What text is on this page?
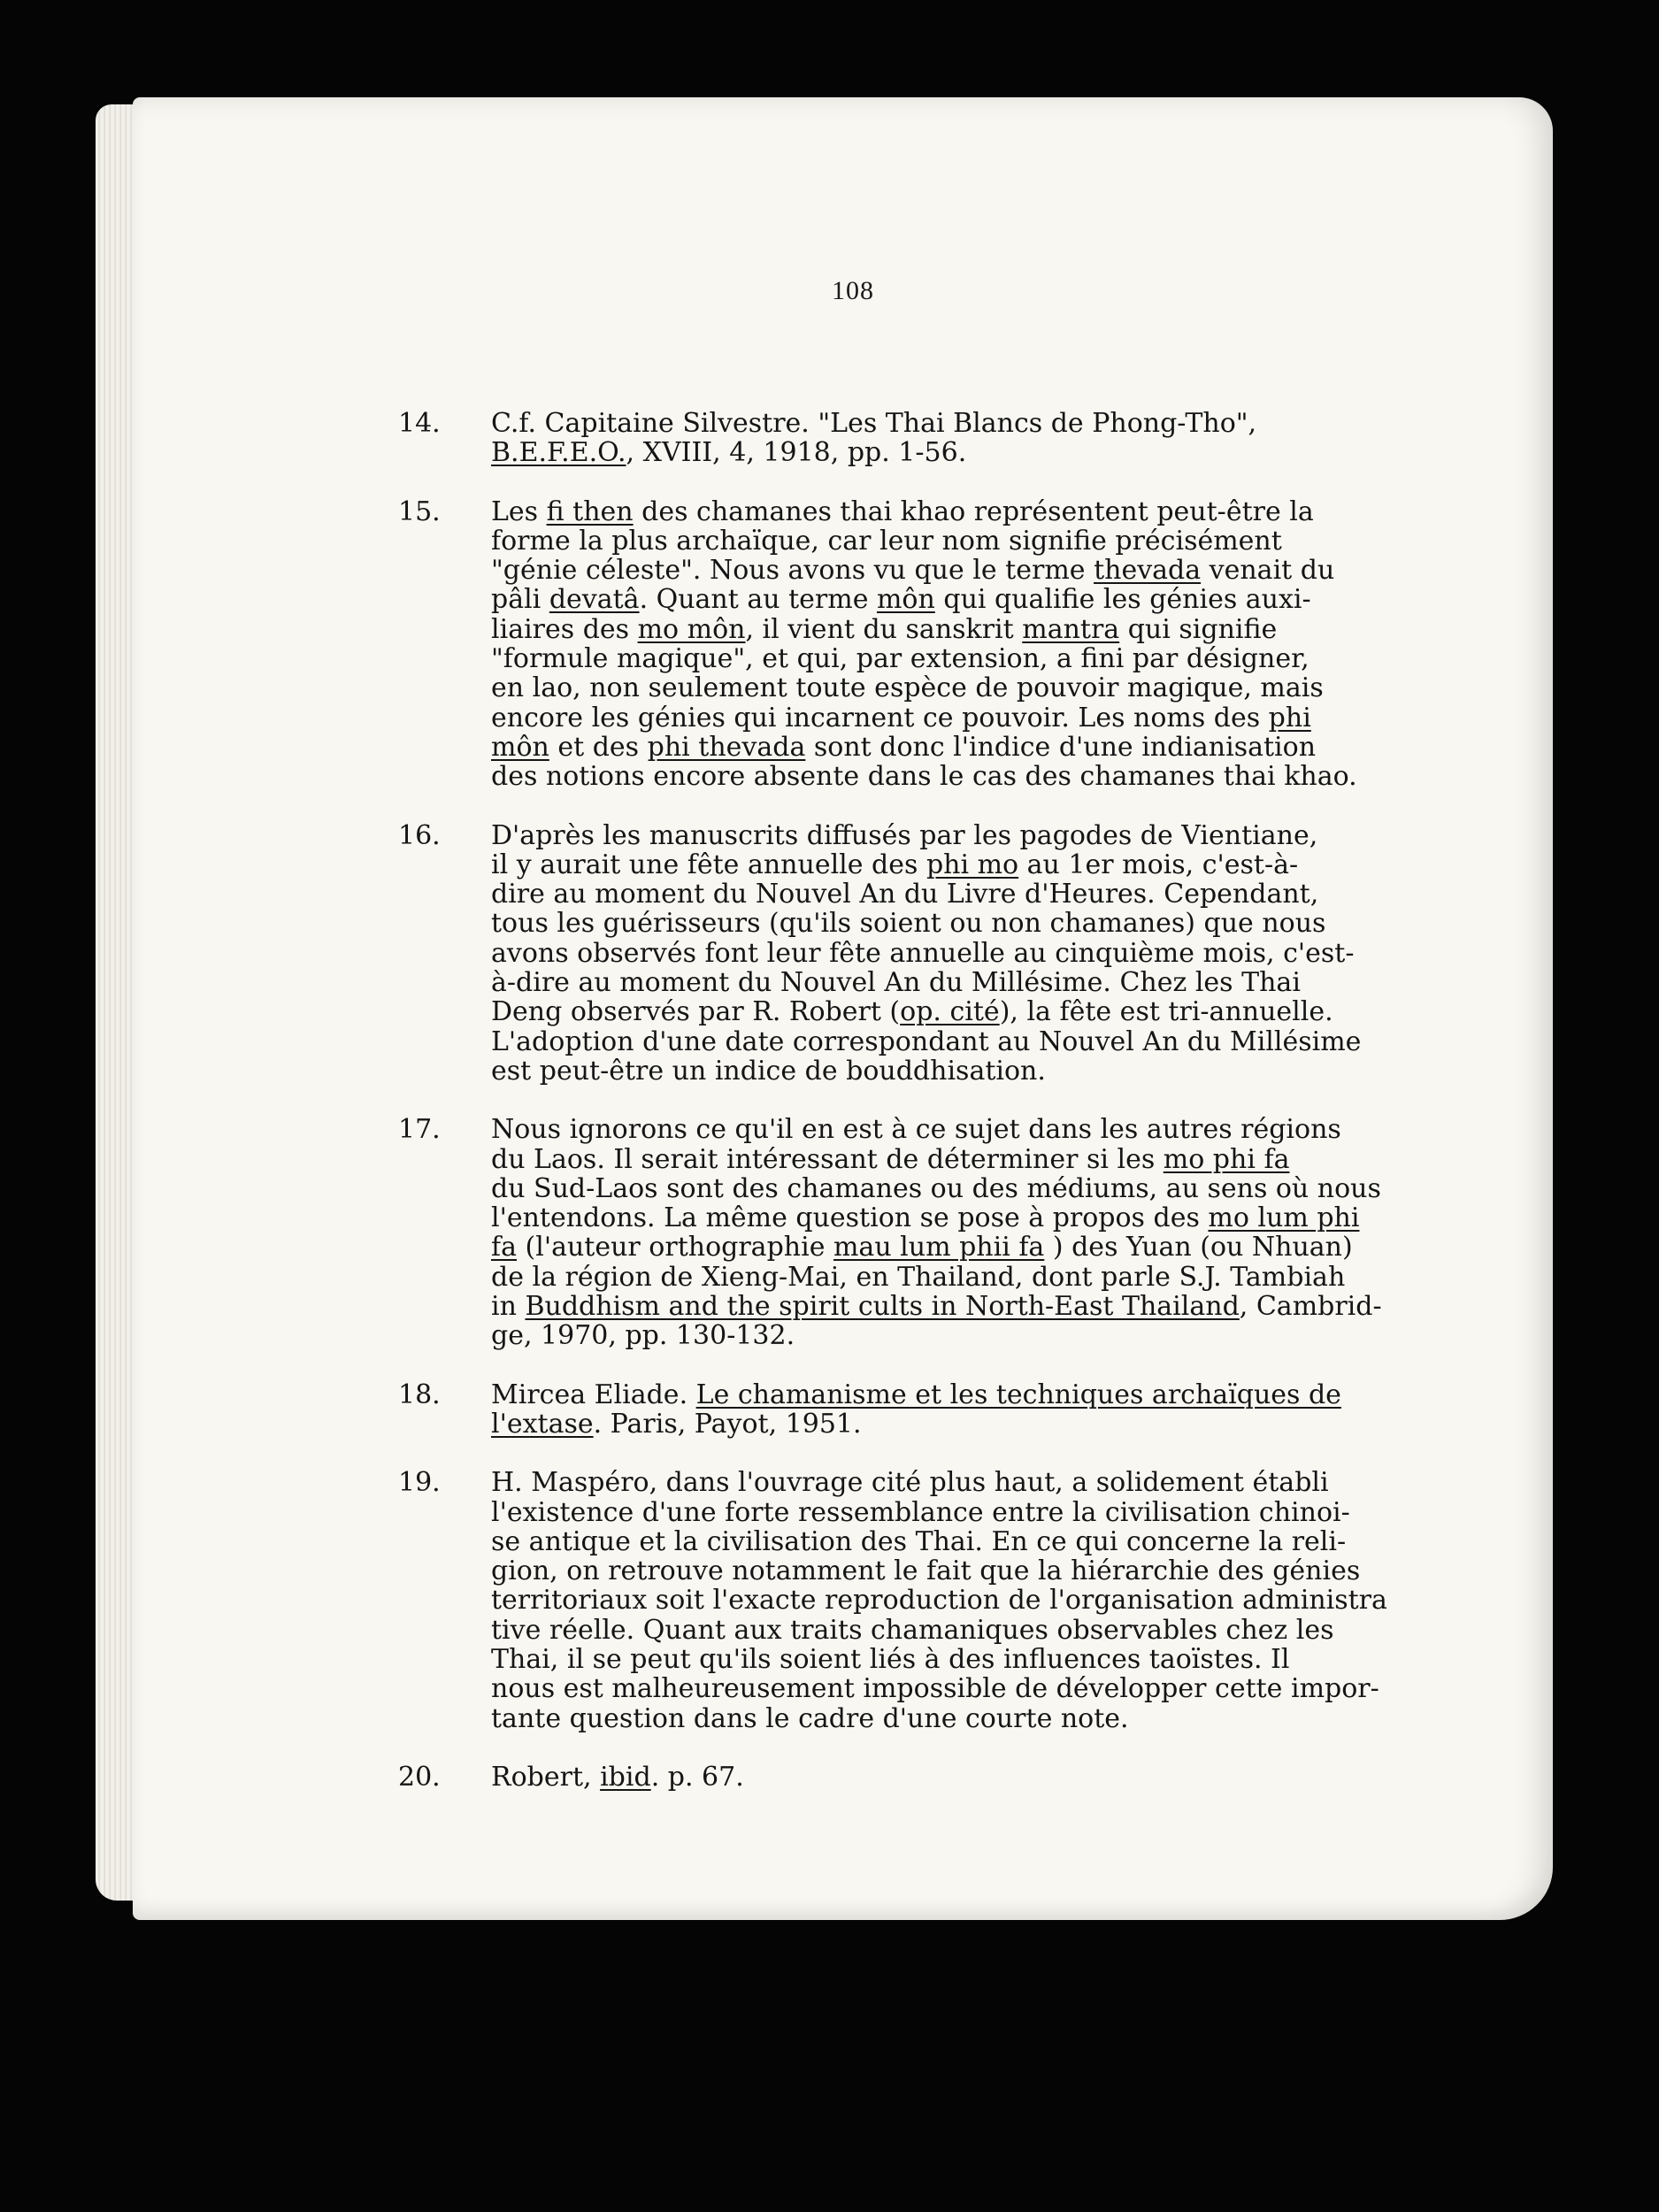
108
14. C.f. Capitaine Silvestre. "Les Thai Blancs de Phong-Tho",
B.E.F.E.O., XVIII, 4, 1918, pp. 1-56.
15. Les fi then des chamanes thai khao représentent peut-être la
forme la plus archaïque, car leur nom signifie précisément
"génie céleste". Nous avons vu que le terme thevada venait du
pâli devatâ. Quant au terme môn qui qualifie les génies auxi-
liaires des mo môn, il vient du sanskrit mantra qui signifie
"formule magique", et qui, par extension, a fini par désigner,
en lao, non seulement toute espèce de pouvoir magique, mais
encore les génies qui incarnent ce pouvoir. Les noms des phi
môn et des phi thevada sont donc l'indice d'une indianisation
des notions encore absente dans le cas des chamanes thai khao.
16. D'après les manuscrits diffusés par les pagodes de Vientiane,
il y aurait une fête annuelle des phi mo au 1er mois, c'est-à-
dire au moment du Nouvel An du Livre d'Heures. Cependant,
tous les guérisseurs (qu'ils soient ou non chamanes) que nous
avons observés font leur fête annuelle au cinquième mois, c'est-
à-dire au moment du Nouvel An du Millésime. Chez les Thai
Deng observés par R. Robert (op. cité), la fête est tri-annuelle.
L'adoption d'une date correspondant au Nouvel An du Millésime
est peut-être un indice de bouddhisation.
17. Nous ignorons ce qu'il en est à ce sujet dans les autres régions
du Laos. Il serait intéressant de déterminer si les mo phi fa
du Sud-Laos sont des chamanes ou des médiums, au sens où nous
l'entendons. La même question se pose à propos des mo lum phi
fa (l'auteur orthographie mau lum phii fa ) des Yuan (ou Nhuan)
de la région de Xieng-Mai, en Thailand, dont parle S.J. Tambiah
in Buddhism and the spirit cults in North-East Thailand, Cambrid-
ge, 1970, pp. 130-132.
18. Mircea Eliade. Le chamanisme et les techniques archaïques de
l'extase. Paris, Payot, 1951.
19. H. Maspéro, dans l'ouvrage cité plus haut, a solidement établi
l'existence d'une forte ressemblance entre la civilisation chinoi-
se antique et la civilisation des Thai. En ce qui concerne la reli-
gion, on retrouve notamment le fait que la hiérarchie des génies
territoriaux soit l'exacte reproduction de l'organisation administra
tive réelle. Quant aux traits chamaniques observables chez les
Thai, il se peut qu'ils soient liés à des influences taoïstes. Il
nous est malheureusement impossible de développer cette impor-
tante question dans le cadre d'une courte note.
20. Robert, ibid. p. 67.
